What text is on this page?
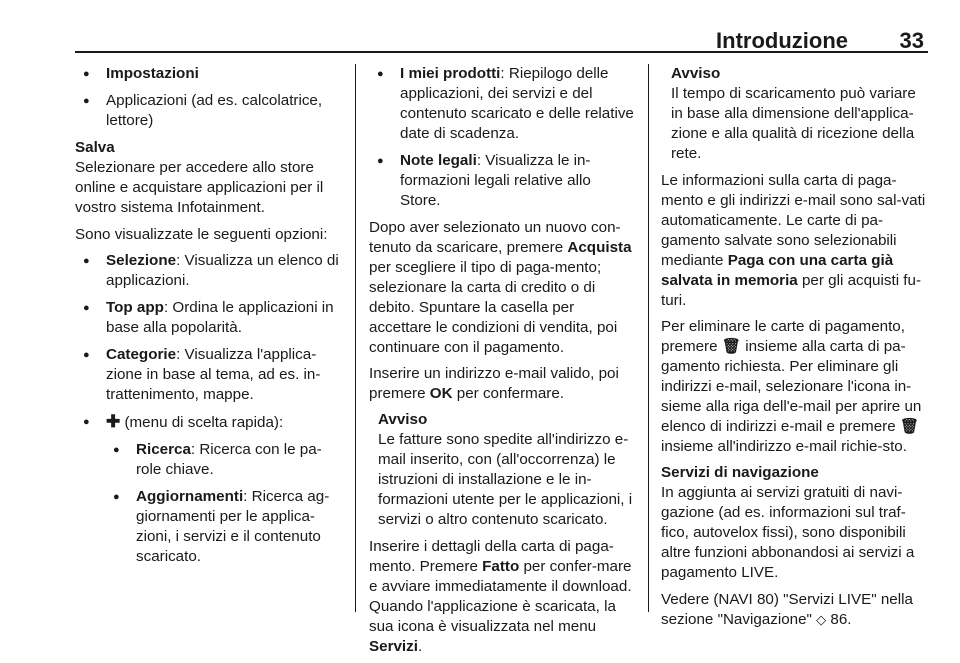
Introduzione 33
● Impostazioni
● Applicazioni (ad es. calcolatrice, lettore)
Salva
Selezionare per accedere allo store online e acquistare applicazioni per il vostro sistema Infotainment.

Sono visualizzate le seguenti opzioni:

● Selezione: Visualizza un elenco di applicazioni.
● Top app: Ordina le applicazioni in base alla popolarità.
● Categorie: Visualizza l'applica-zione in base al tema, ad es. in-trattenimento, mappe.
● ✚ (menu di scelta rapida):
● Ricerca: Ricerca con le pa-role chiave.
● Aggiornamenti: Ricerca ag-giornamenti per le applica-zioni, i servizi e il contenuto scaricato.
● I miei prodotti: Riepilogo delle applicazioni, dei servizi e del contenuto scaricato e delle relative date di scadenza.
● Note legali: Visualizza le in-formazioni legali relative allo Store.

Dopo aver selezionato un nuovo con-tenuto da scaricare, premere Acquista per scegliere il tipo di paga-mento; selezionare la carta di credito o di debito. Spuntare la casella per accettare le condizioni di vendita, poi continuare con il pagamento.

Inserire un indirizzo e-mail valido, poi premere OK per confermare.

Avviso
Le fatture sono spedite all'indirizzo e-mail inserito, con (all'occorrenza) le istruzioni di installazione e le in-formazioni utente per le applicazioni, i servizi o altro contenuto scaricato.

Inserire i dettagli della carta di paga-mento. Premere Fatto per confer-mare e avviare immediatamente il download. Quando l'applicazione è scaricata, la sua icona è visualizzata nel menu Servizi.

Avviso
Il tempo di scaricamento può variare in base alla dimensione dell'applica-zione e alla qualità di ricezione della rete.

Le informazioni sulla carta di paga-mento e gli indirizzi e-mail sono sal-vati automaticamente. Le carte di pa-gamento salvate sono selezionabili mediante Paga con una carta già salvata in memoria per gli acquisti fu-turi.

Per eliminare le carte di pagamento, premere 🗑 insieme alla carta di pa-gamento richiesta. Per eliminare gli indirizzi e-mail, selezionare l'icona in-sieme alla riga dell'e-mail per aprire un elenco di indirizzi e-mail e premere 🗑 insieme all'indirizzo e-mail richie-sto.

Servizi di navigazione
In aggiunta ai servizi gratuiti di navi-gazione (ad es. informazioni sul traf-fico, autovelox fissi), sono disponibili altre funzioni abbonandosi ai servizi a pagamento LIVE.

Vedere (NAVI 80) "Servizi LIVE" nella sezione "Navigazione" ◇ 86.
